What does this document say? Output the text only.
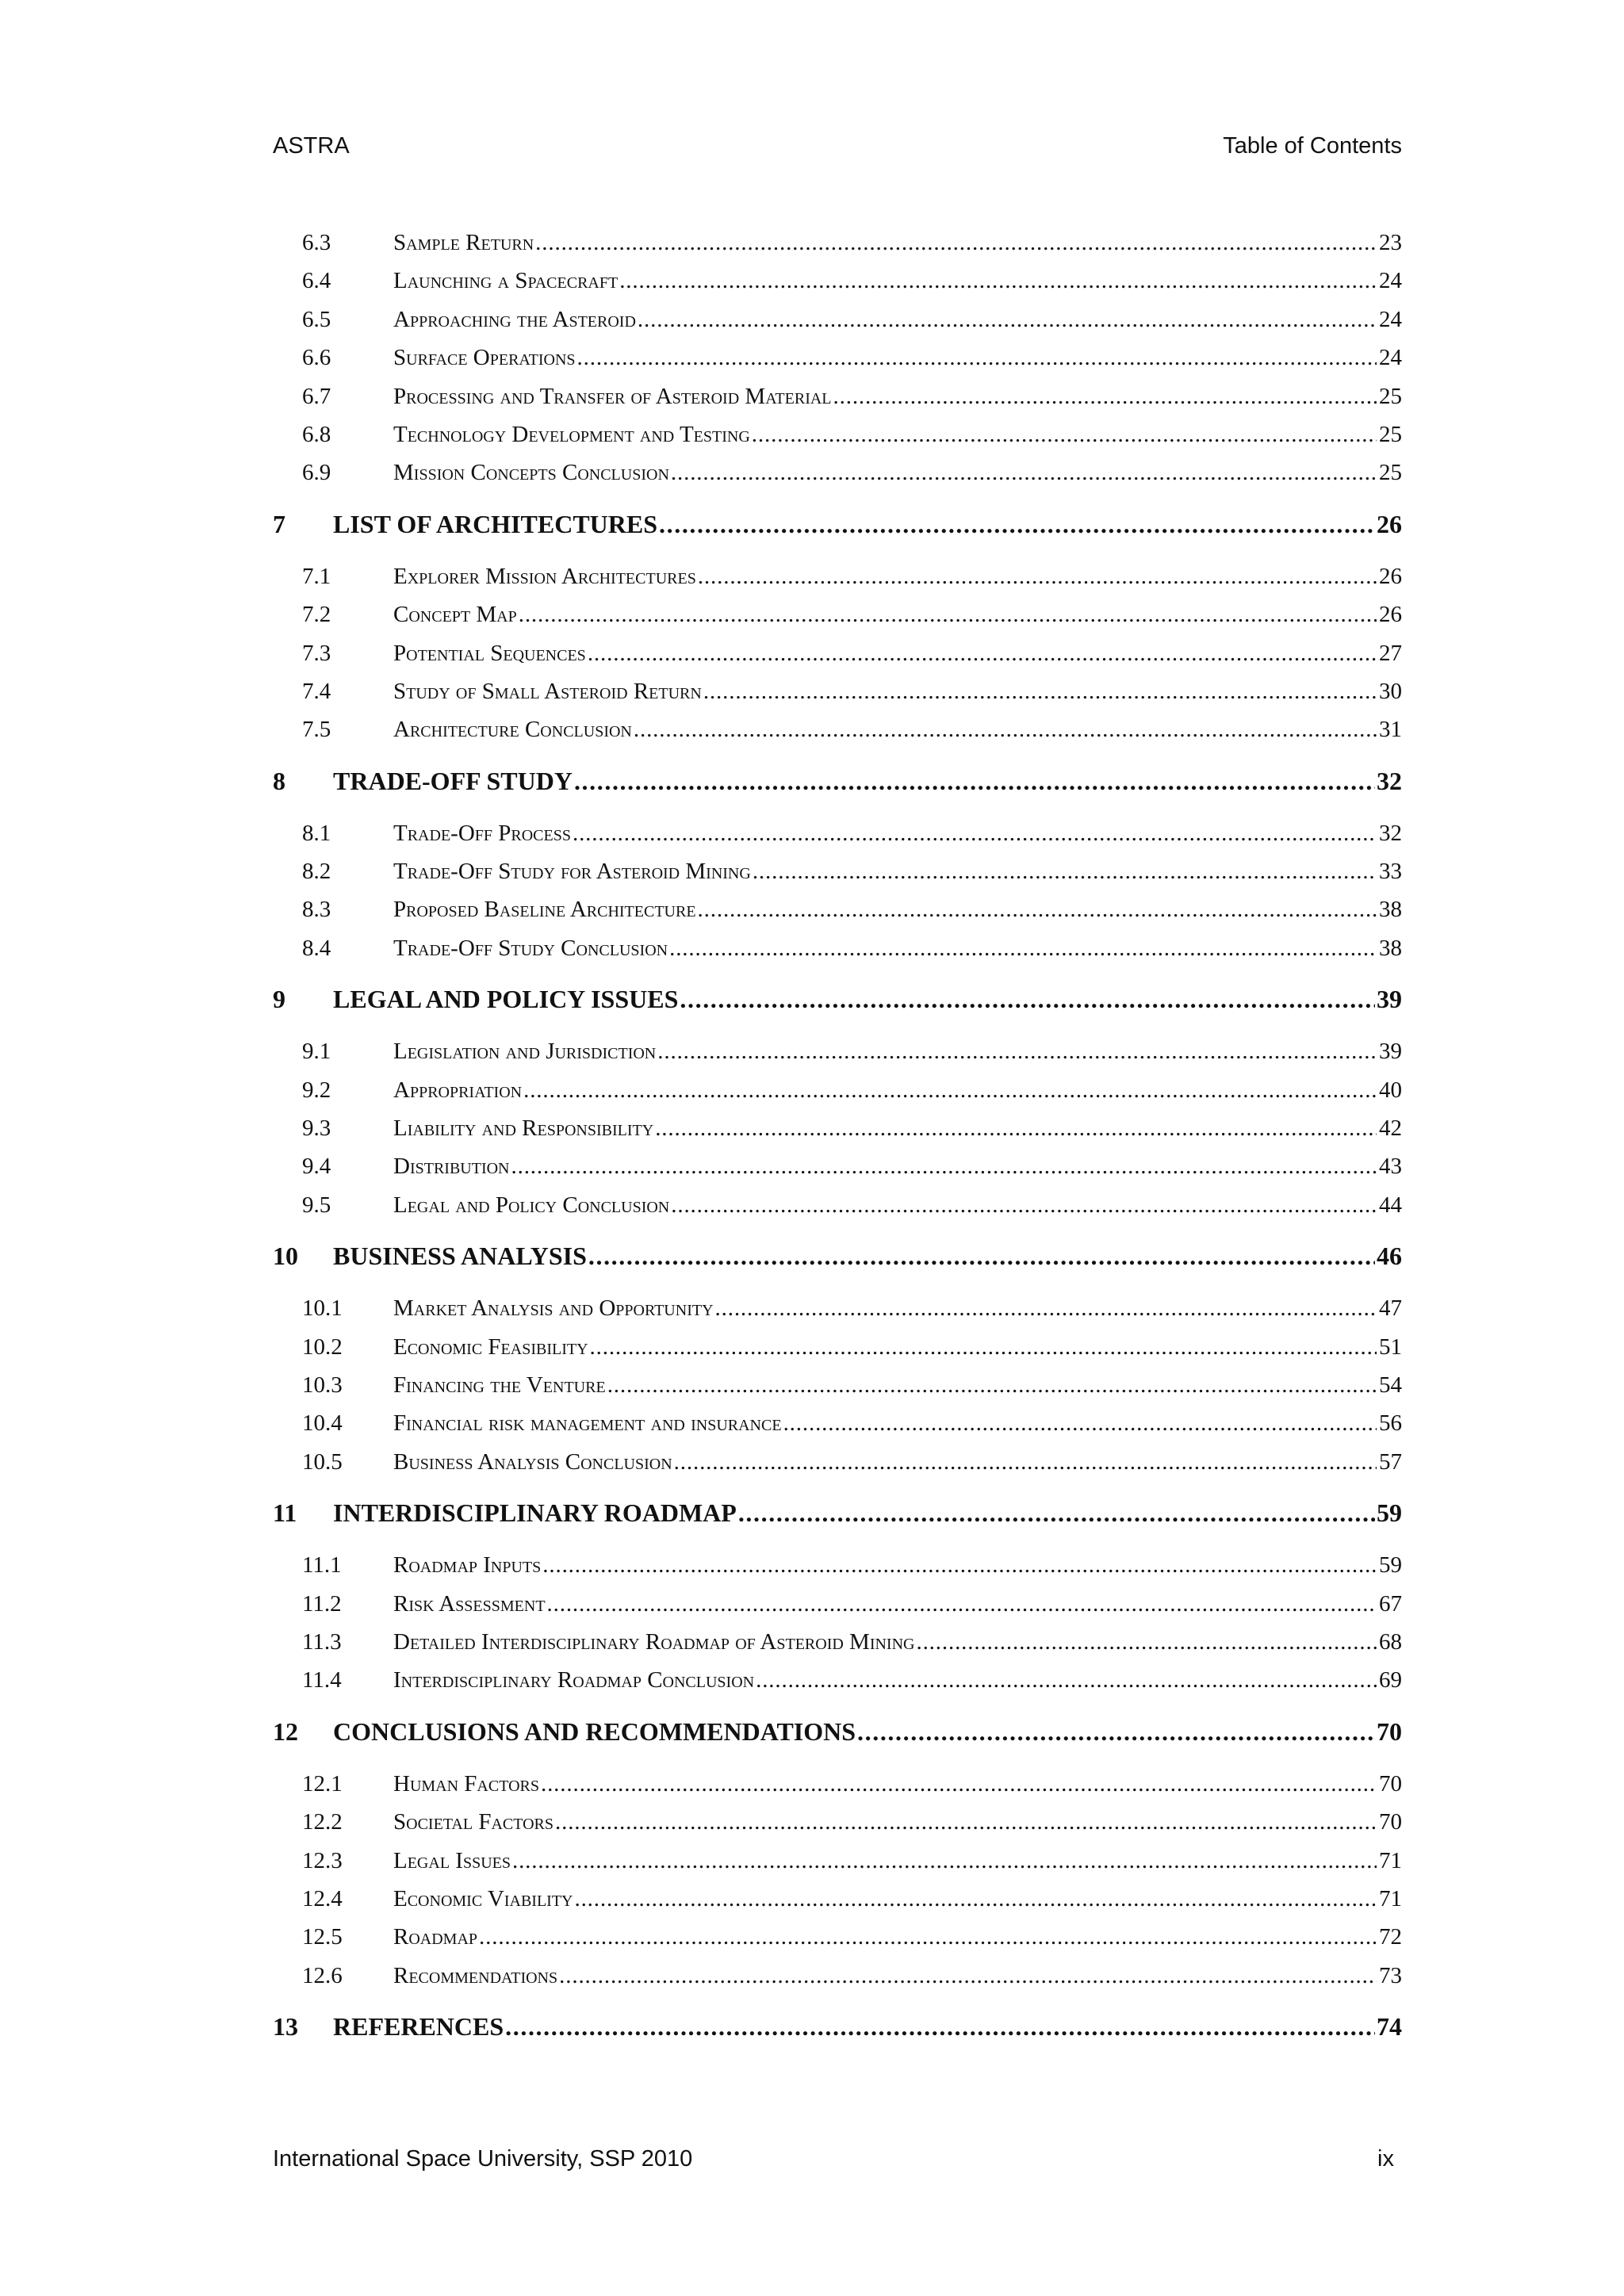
ASTRA	Table of Contents
6.3	Sample Return . . .	23
6.4	Launching a Spacecraft . . .	24
6.5	Approaching the Asteroid . . .	24
6.6	Surface Operations . . .	24
6.7	Processing and Transfer of Asteroid Material . . .	25
6.8	Technology Development and Testing . . .	25
6.9	Mission Concepts Conclusion . . .	25
7	LIST OF ARCHITECTURES . . .	26
7.1	Explorer Mission Architectures . . .	26
7.2	Concept Map . . .	26
7.3	Potential Sequences . . .	27
7.4	Study of Small Asteroid Return . . .	30
7.5	Architecture Conclusion . . .	31
8	TRADE-OFF STUDY . . .	32
8.1	Trade-Off Process . . .	32
8.2	Trade-Off Study for Asteroid Mining . . .	33
8.3	Proposed Baseline Architecture . . .	38
8.4	Trade-Off Study Conclusion . . .	38
9	LEGAL AND POLICY ISSUES . . .	39
9.1	Legislation and Jurisdiction . . .	39
9.2	Appropriation . . .	40
9.3	Liability and Responsibility . . .	42
9.4	Distribution . . .	43
9.5	Legal and Policy Conclusion . . .	44
10	BUSINESS ANALYSIS . . .	46
10.1	Market Analysis and Opportunity . . .	47
10.2	Economic Feasibility . . .	51
10.3	Financing the Venture . . .	54
10.4	Financial risk management and insurance . . .	56
10.5	Business Analysis Conclusion . . .	57
11	INTERDISCIPLINARY ROADMAP . . .	59
11.1	Roadmap Inputs . . .	59
11.2	Risk Assessment . . .	67
11.3	Detailed Interdisciplinary Roadmap of Asteroid Mining . . .	68
11.4	Interdisciplinary Roadmap Conclusion . . .	69
12	CONCLUSIONS AND RECOMMENDATIONS . . .	70
12.1	Human Factors . . .	70
12.2	Societal Factors . . .	70
12.3	Legal Issues . . .	71
12.4	Economic Viability . . .	71
12.5	Roadmap . . .	72
12.6	Recommendations . . .	73
13	REFERENCES . . .	74
International Space University, SSP 2010	ix
